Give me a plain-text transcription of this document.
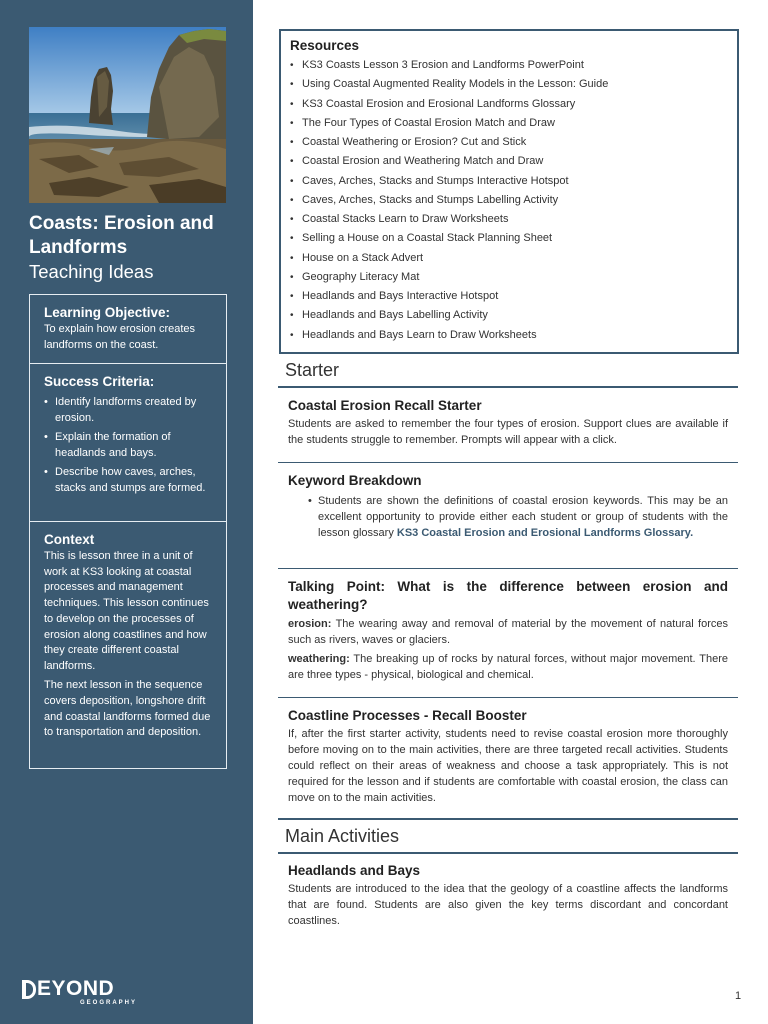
Coasts: Erosion and
Landforms
Teaching Ideas
Learning Objective:

To explain how erosion creates landforms on the coast.

Success Criteria:
• Identify landforms created by erosion.
• Explain the formation of headlands and bays.
• Describe how caves, arches, stacks and stumps are formed.
Context

This is lesson three in a unit of work at KS3 looking at coastal processes and management techniques. This lesson continues to develop on the processes of erosion along coastlines and how they create different coastal landforms.

The next lesson in the sequence covers deposition, longshore drift and coastal landforms formed due to transportation and deposition.

EYOND
GEOGRAPHY
Resources
• KS3 Coasts Lesson 3 Erosion and Landforms PowerPoint
• Using Coastal Augmented Reality Models in the Lesson: Guide
• KS3 Coastal Erosion and Erosional Landforms Glossary
• The Four Types of Coastal Erosion Match and Draw
• Coastal Weathering or Erosion? Cut and Stick
• Coastal Erosion and Weathering Match and Draw
• Caves, Arches, Stacks and Stumps Interactive Hotspot
• Caves, Arches, Stacks and Stumps Labelling Activity
• Coastal Stacks Learn to Draw Worksheets
• Selling a House on a Coastal Stack Planning Sheet
• House on a Stack Advert
• Geography Literacy Mat
• Headlands and Bays Interactive Hotspot
• Headlands and Bays Labelling Activity
• Headlands and Bays Learn to Draw Worksheets
Starter
Coastal Erosion Recall Starter

Students are asked to remember the four types of erosion. Support clues are available if the students struggle to remember. Prompts will appear with a click.

Keyword Breakdown
• Students are shown the definitions of coastal erosion keywords. This may be an excellent opportunity to provide either each student or group of students with the lesson glossary KS3 Coastal Erosion and Erosional Landforms Glossary.
Talking Point: What is the difference between erosion and weathering?

erosion: The wearing away and removal of material by the movement of natural forces such as rivers, waves or glaciers.

weathering: The breaking up of rocks by natural forces, without major movement. There are three types - physical, biological and chemical.

Coastline Processes - Recall Booster

If, after the first starter activity, students need to revise coastal erosion more thoroughly before moving on to the main activities, there are three targeted recall activities. Students could reflect on their areas of weakness and choose a task appropriately. This is not required for the lesson and if students are comfortable with coastal erosion, the class can move on to the main activities.

Main Activities
Headlands and Bays

Students are introduced to the idea that the geology of a coastline affects the landforms that are found. Students are also given the key terms discordant and concordant coastlines.

1
